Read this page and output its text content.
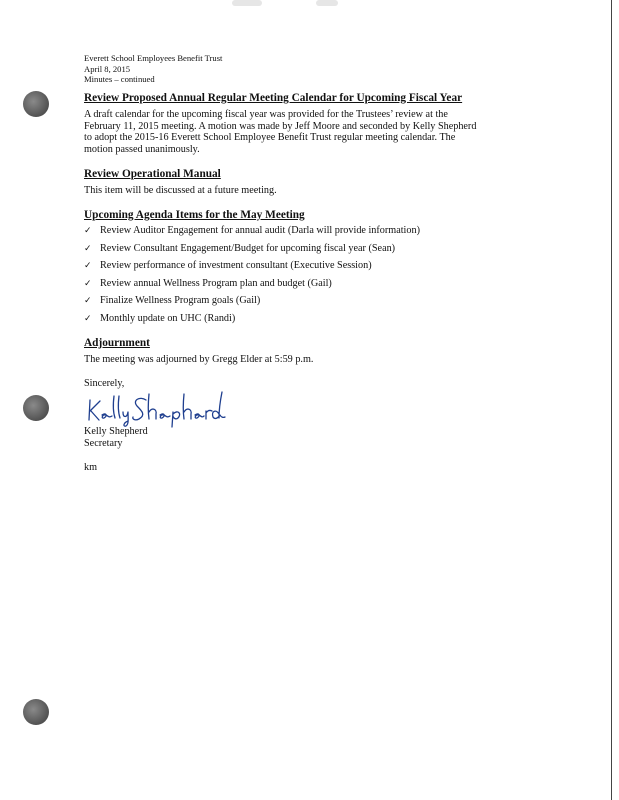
Everett School Employees Benefit Trust
April 8, 2015
Minutes – continued
Review Proposed Annual Regular Meeting Calendar for Upcoming Fiscal Year
A draft calendar for the upcoming fiscal year was provided for the Trustees’ review at the
February 11, 2015 meeting. A motion was made by Jeff Moore and seconded by Kelly Shepherd
to adopt the 2015-16 Everett School Employee Benefit Trust regular meeting calendar. The
motion passed unanimously.
Review Operational Manual
This item will be discussed at a future meeting.
Upcoming Agenda Items for the May Meeting
✓ Review Auditor Engagement for annual audit (Darla will provide information)
✓ Review Consultant Engagement/Budget for upcoming fiscal year (Sean)
✓ Review performance of investment consultant (Executive Session)
✓ Review annual Wellness Program plan and budget (Gail)
✓ Finalize Wellness Program goals (Gail)
✓ Monthly update on UHC (Randi)
Adjournment
The meeting was adjourned by Gregg Elder at 5:59 p.m.
Sincerely,
Kelly Shepherd
Secretary
km
